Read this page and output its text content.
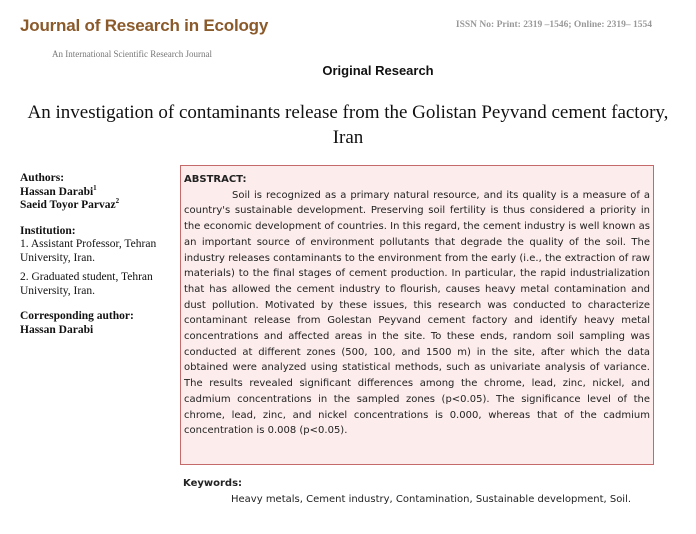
Journal of Research in Ecology	ISSN No: Print: 2319 –1546; Online: 2319– 1554
An International Scientific Research Journal
Original Research
An investigation of contaminants release from the Golistan Peyvand cement factory, Iran

Authors:

Hassan Darabi$^1$

Saeid Toyor Parvaz$^2$

Institution:

1. Assistant Professor, Tehran University, Iran.

2. Graduated student, Tehran University, Iran.

Corresponding author:

Hassan Darabi

ABSTRACT:

Soil is recognized as a primary natural resource, and its quality is a measure of a country's sustainable development. Preserving soil fertility is thus considered a priority in the economic development of countries. In this regard, the cement industry is well known as an important source of environment pollutants that degrade the quality of the soil. The industry releases contaminants to the environment from the early (i.e., the extraction of raw materials) to the final stages of cement production. In particular, the rapid industrialization that has allowed the cement industry to flourish, causes heavy metal contamination and dust pollution. Motivated by these issues, this research was conducted to characterize contaminant release from Golestan Peyvand cement factory and identify heavy metal concentrations and affected areas in the site. To these ends, random soil sampling was conducted at different zones (500, 100, and 1500 m) in the site, after which the data obtained were analyzed using statistical methods, such as univariate analysis of variance. The results revealed significant differences among the chrome, lead, zinc, nickel, and cadmium concentrations in the sampled zones (p<0.05). The significance level of the chrome, lead, zinc, and nickel concentrations is 0.000, whereas that of the cadmium concentration is 0.008 (p<0.05).

Keywords:

Heavy metals, Cement industry, Contamination, Sustainable development, Soil.
